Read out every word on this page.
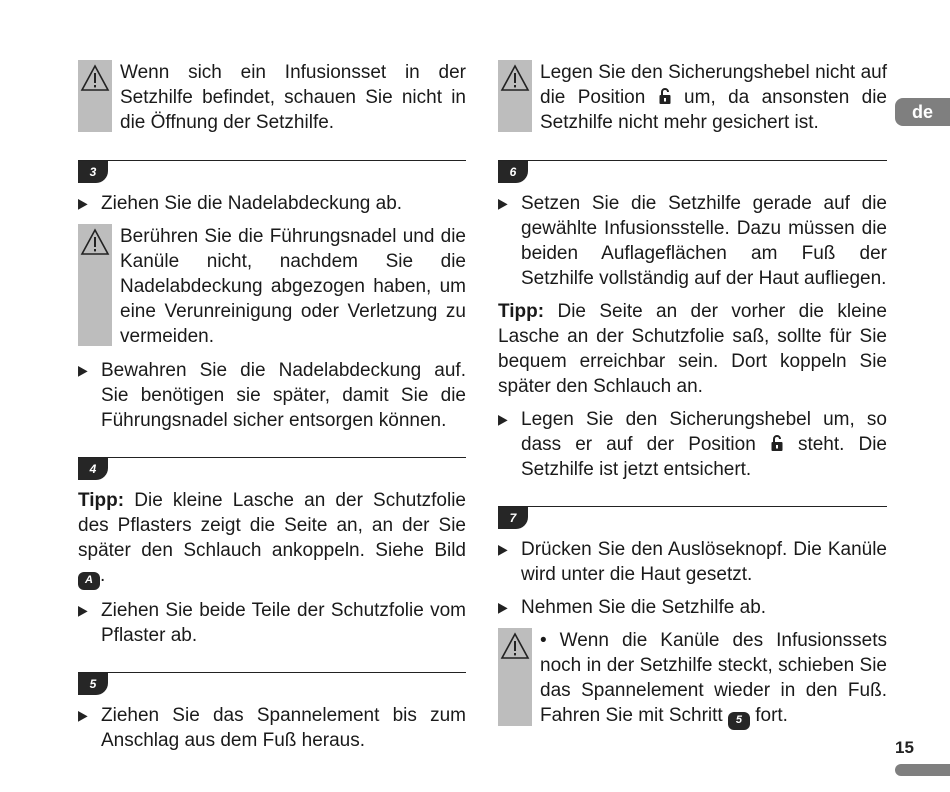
Wenn sich ein Infusionsset in der Setzhilfe befindet, schauen Sie nicht in die Öffnung der Setzhilfe.
3
▶ Ziehen Sie die Nadelabdeckung ab.
Berühren Sie die Führungsnadel und die Kanüle nicht, nachdem Sie die Nadelabdeckung abgezogen haben, um eine Verunreinigung oder Verletzung zu vermeiden.
▶ Bewahren Sie die Nadelabdeckung auf. Sie benötigen sie später, damit Sie die Führungsnadel sicher entsorgen können.
4
Tipp: Die kleine Lasche an der Schutzfolie des Pflasters zeigt die Seite an, an der Sie später den Schlauch ankoppeln. Siehe Bild A .
▶ Ziehen Sie beide Teile der Schutzfolie vom Pflaster ab.
5
▶ Ziehen Sie das Spannelement bis zum Anschlag aus dem Fuß heraus.
Legen Sie den Sicherungshebel nicht auf die Position  um, da ansonsten die Setzhilfe nicht mehr gesichert ist.
6
▶ Setzen Sie die Setzhilfe gerade auf die gewählte Infusionsstelle. Dazu müssen die beiden Auflageflächen am Fuß der Setzhilfe vollständig auf der Haut aufliegen.
Tipp: Die Seite an der vorher die kleine Lasche an der Schutzfolie saß, sollte für Sie bequem erreichbar sein. Dort koppeln Sie später den Schlauch an.
▶ Legen Sie den Sicherungshebel um, so dass er auf der Position  steht. Die Setzhilfe ist jetzt entsichert.
7
▶ Drücken Sie den Auslöseknopf. Die Kanüle wird unter die Haut gesetzt.
▶ Nehmen Sie die Setzhilfe ab.
• Wenn die Kanüle des Infusionssets noch in der Setzhilfe steckt, schieben Sie das Spannelement wieder in den Fuß. Fahren Sie mit Schritt 5 fort.
de
15
